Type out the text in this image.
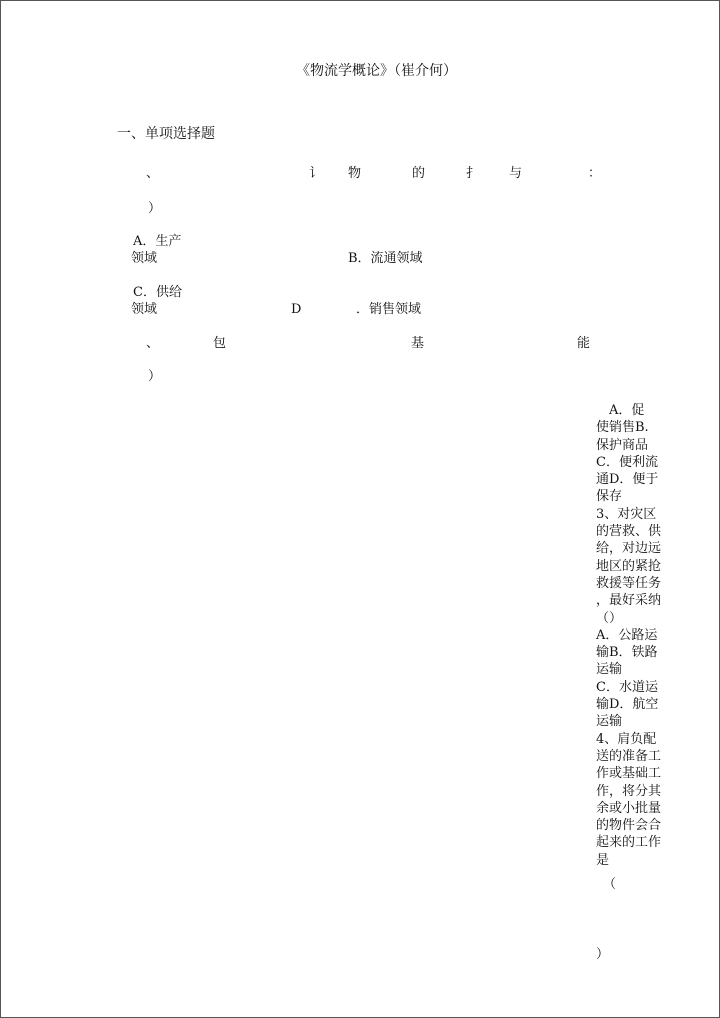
《物流学概论》（崔介何）
一、单项选择题
、	讠 物	的	扌 与	：
）
A．生产
领域	B．流通领域
C．供给
领域	D	．销售领域
、	包	基	能
）
　A．促
使销售B.
保护商品
C．便利流
通D．便于
保存
3、对灾区
的营救、供
给，对边远
地区的紧抢
救援等任务
，最好采纳
（）
A．公路运
输B．铁路
运输
C．水道运
输D．航空
运输
4、肩负配
送的准备工
作或基础工
作，将分其
余或小批量
的物件会合
起来的工作
是
（
）
